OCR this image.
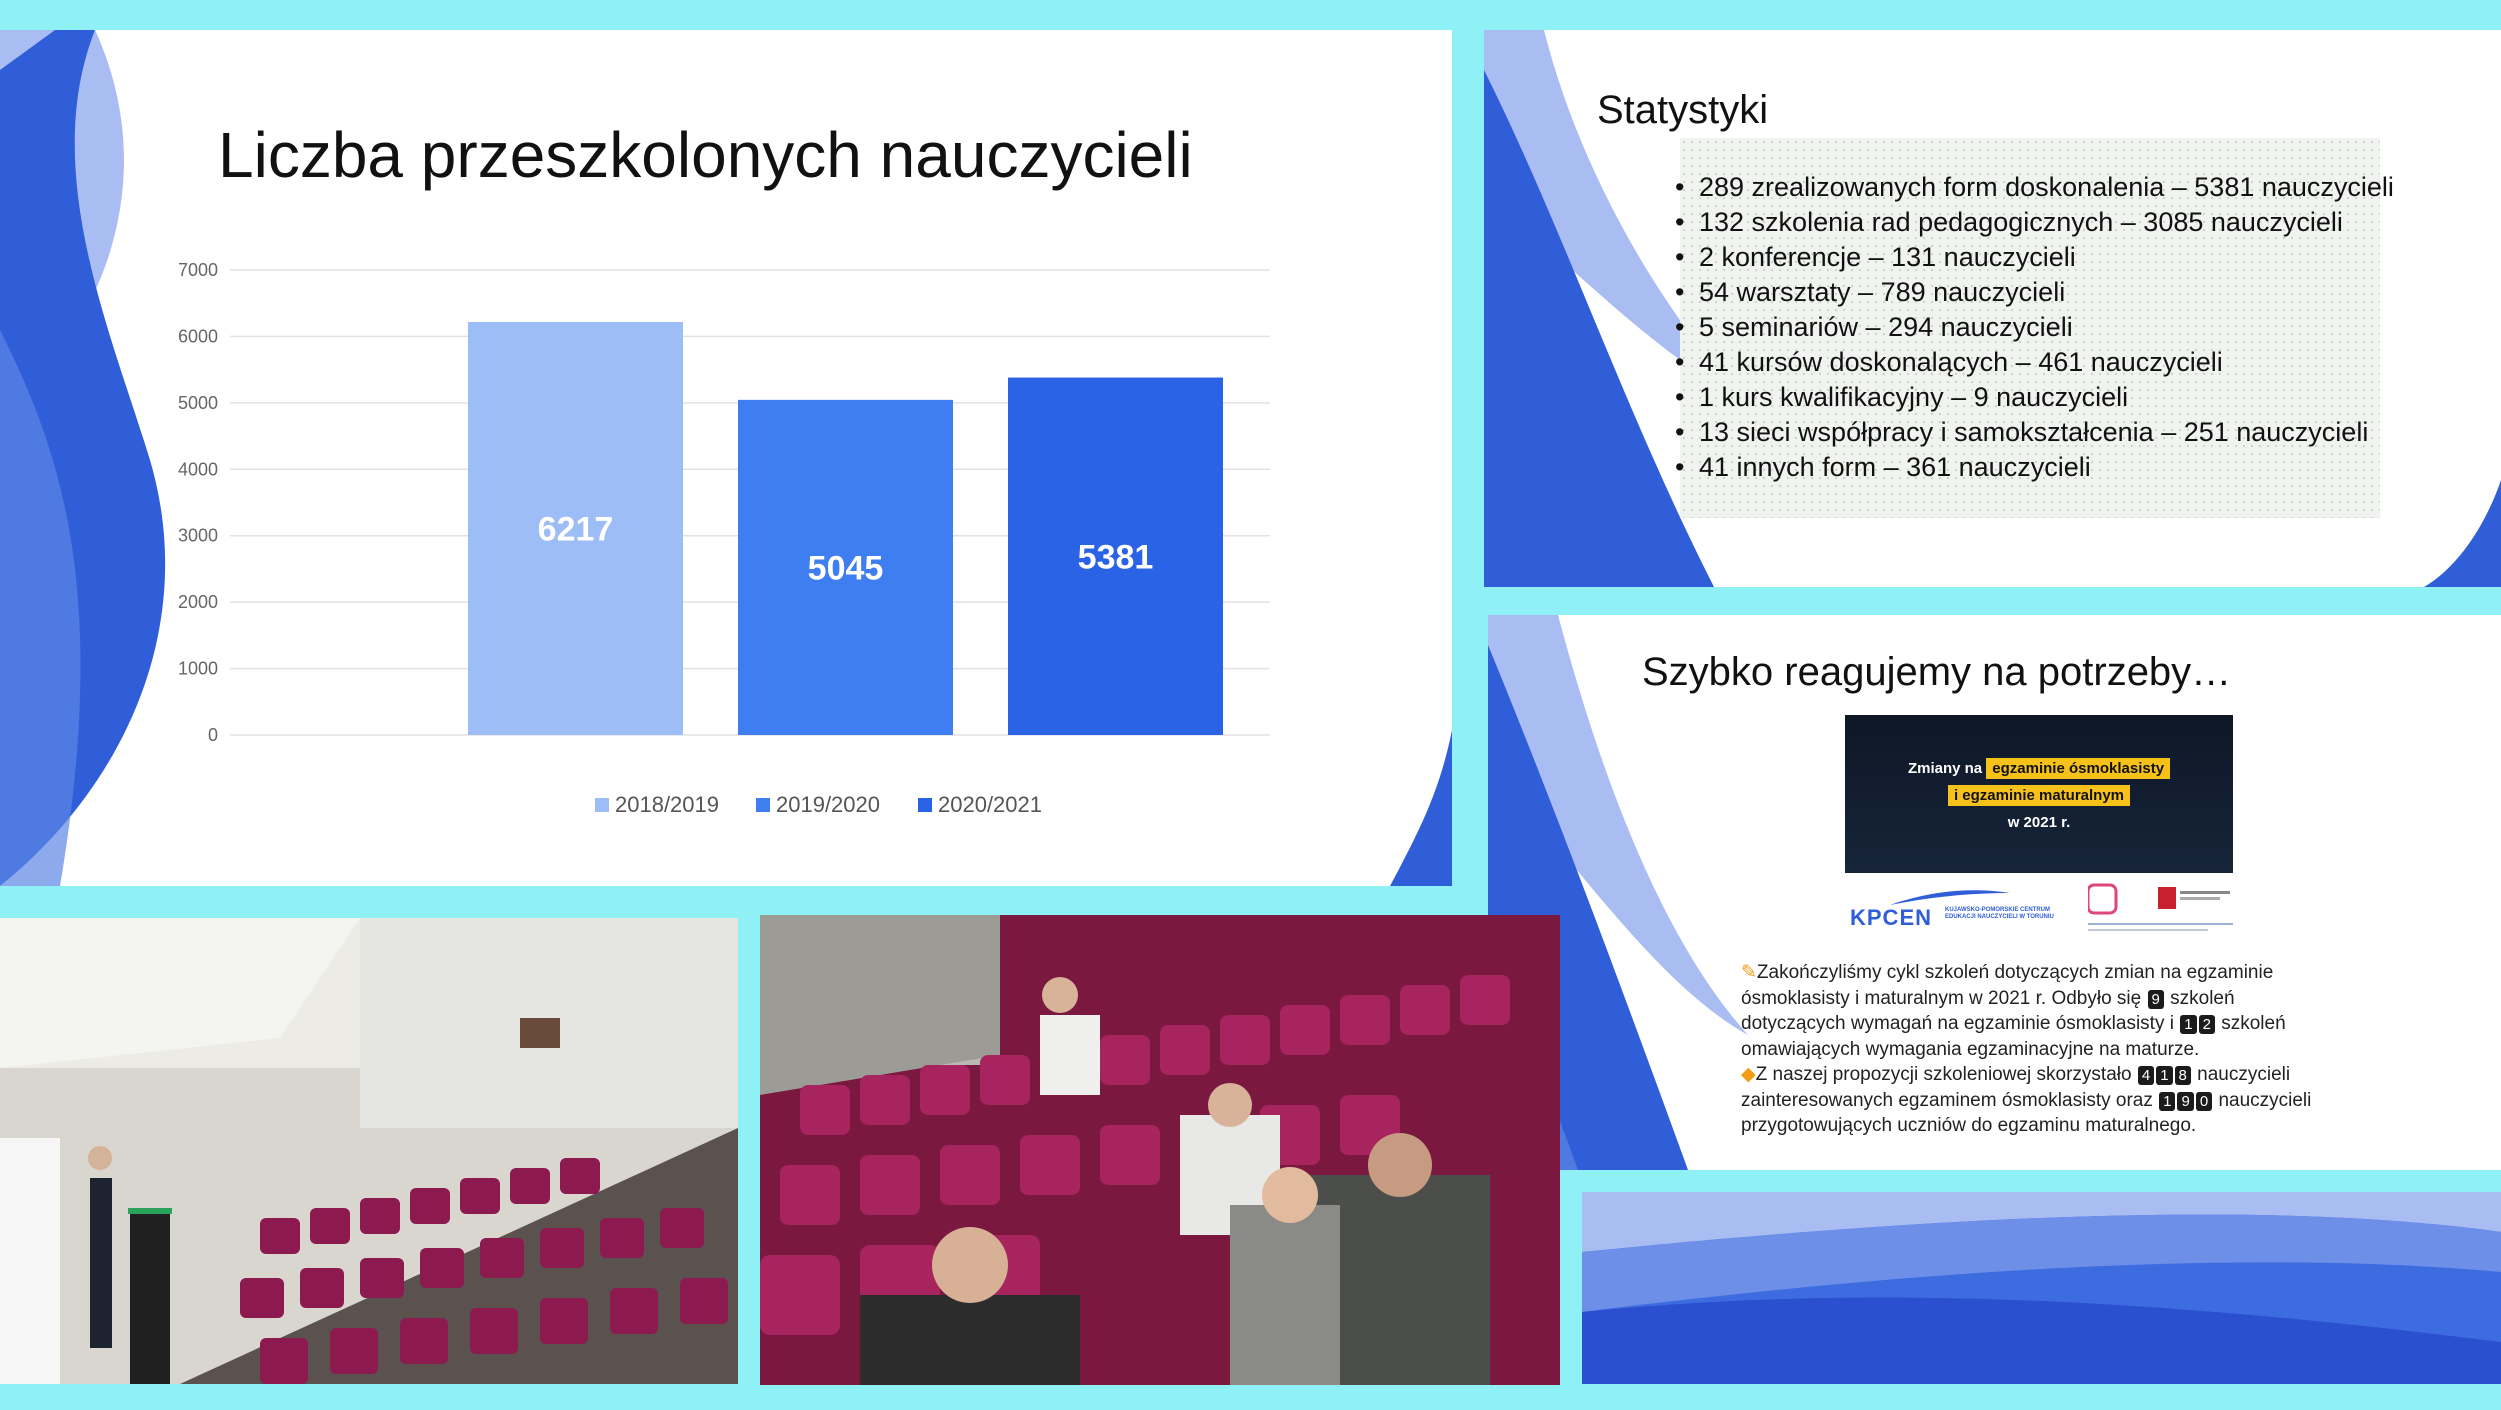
Liczba przeszkolonych nauczycieli
0
1000
2000
3000
4000
5000
6000
7000
6217
5045	5381
2018/2019	2019/2020	2020/2021
Statystyki
• 289 zrealizowanych form doskonalenia – 5381 nauczycieli
• 132 szkolenia rad pedagogicznych – 3085 nauczycieli
• 2 konferencje – 131 nauczycieli
• 54 warsztaty – 789 nauczycieli
• 5 seminariów – 294 nauczycieli
• 41 kursów doskonalących – 461 nauczycieli
• 1 kurs kwalifikacyjny – 9 nauczycieli
• 13 sieci współpracy i samokształcenia – 251 nauczycieli
• 41 innych form – 361 nauczycieli
Szybko reagujemy na potrzeby…
Zmiany na egzaminie ósmoklasisty
i egzaminie maturalnym
w 2021 r.
KPCEN KUJAWSKO-POMORSKIE CENTRUM EDUKACJI NAUCZYCIELI W TORUNIU
✎Zakończyliśmy cykl szkoleń dotyczących zmian na egzaminie
ósmoklasisty i maturalnym w 2021 r. Odbyło się 9 szkoleń
dotyczących wymagań na egzaminie ósmoklasisty i 1 2 szkoleń
omawiających wymagania egzaminacyjne na maturze.
◆Z naszej propozycji szkoleniowej skorzystało 4 1 8 nauczycieli
zainteresowanych egzaminem ósmoklasisty oraz 1 9 0 nauczycieli
przygotowujących uczniów do egzaminu maturalnego.
